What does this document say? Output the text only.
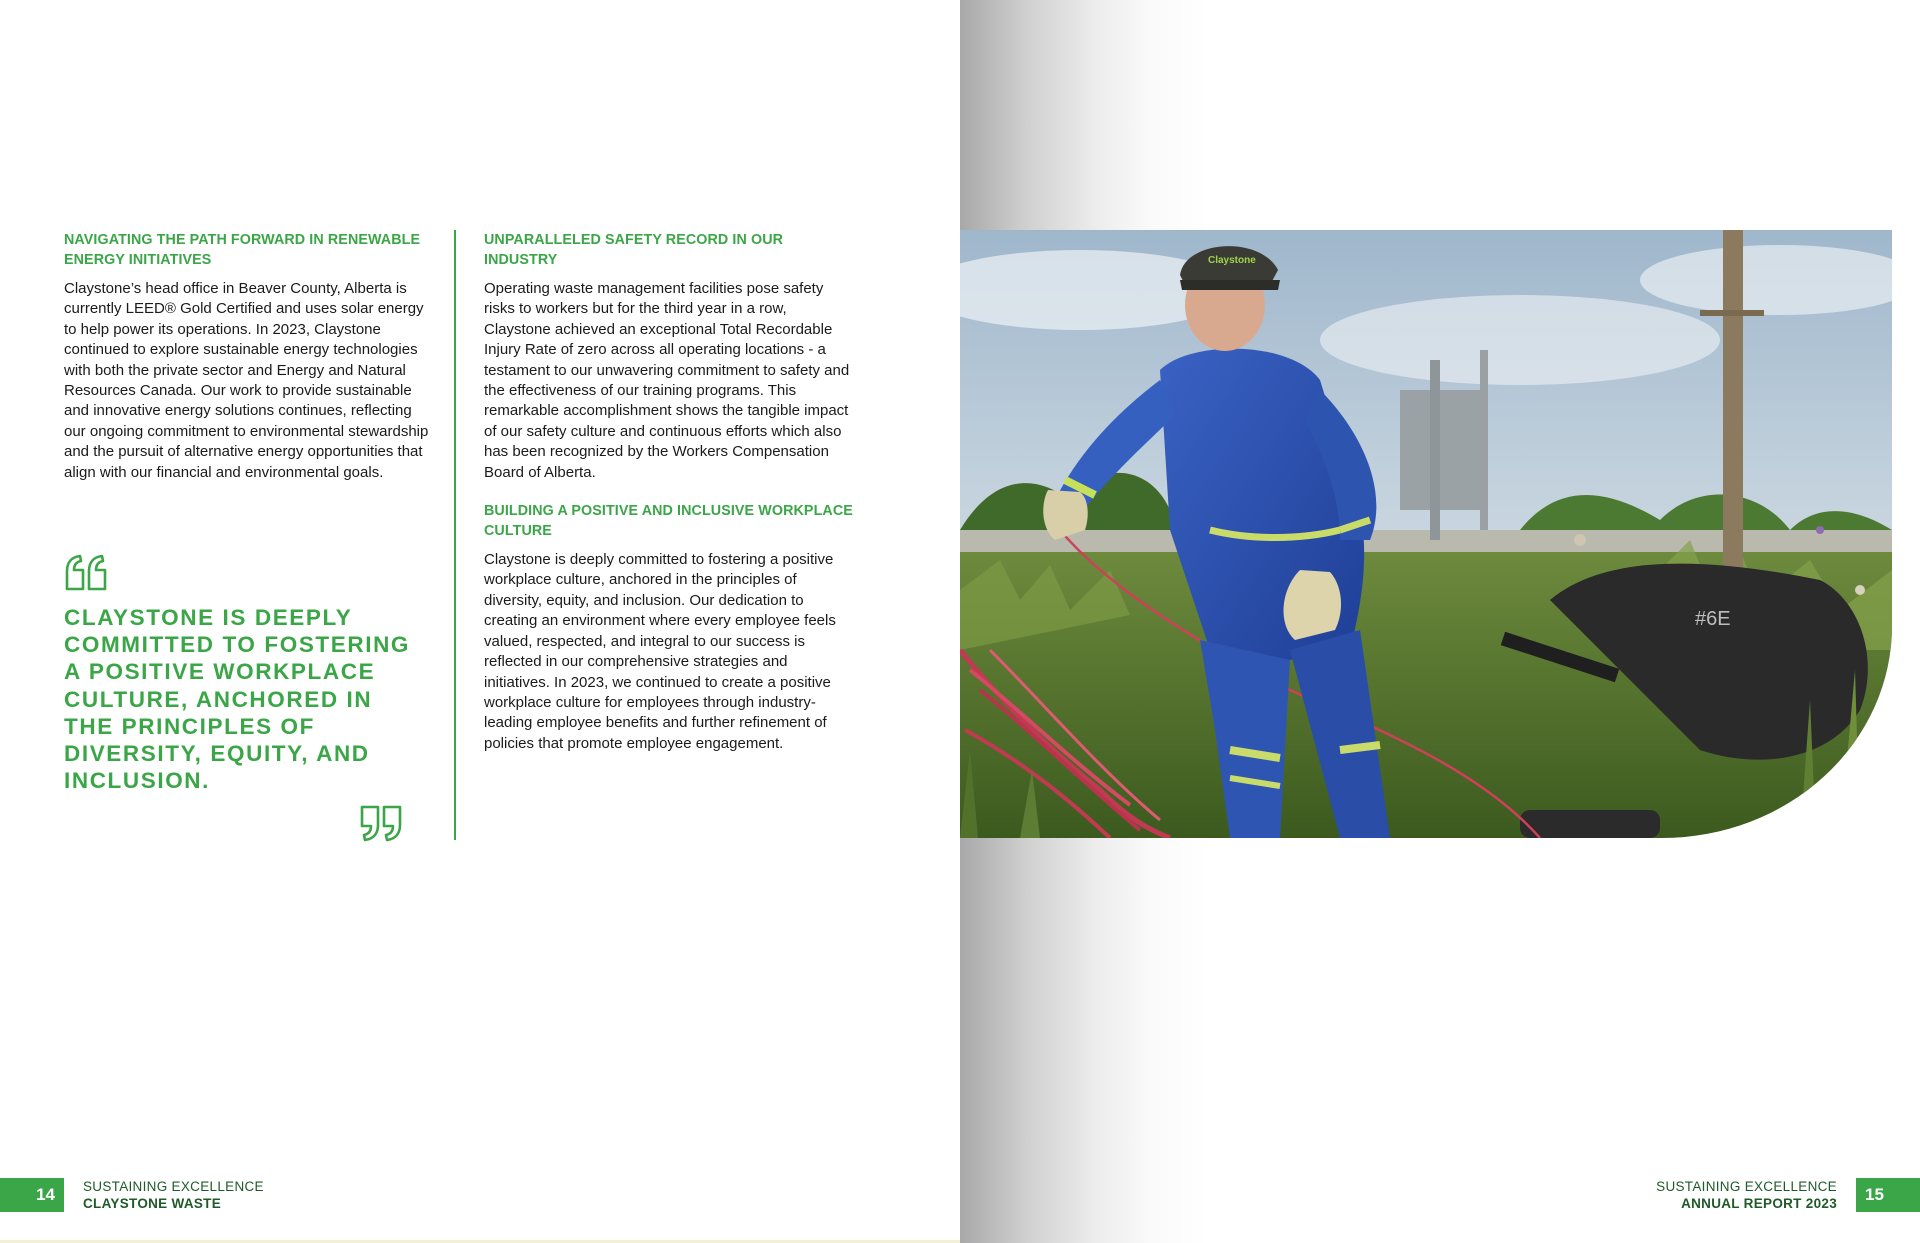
NAVIGATING THE PATH FORWARD IN RENEWABLE ENERGY INITIATIVES

Claystone’s head office in Beaver County, Alberta is currently LEED® Gold Certified and uses solar energy to help power its operations. In 2023, Claystone continued to explore sustainable energy technologies with both the private sector and Energy and Natural Resources Canada. Our work to provide sustainable and innovative energy solutions continues, reflecting our ongoing commitment to environmental stewardship and the pursuit of alternative energy opportunities that align with our financial and environmental goals.

CLAYSTONE IS DEEPLY COMMITTED TO FOSTERING A POSITIVE WORKPLACE CULTURE, ANCHORED IN THE PRINCIPLES OF DIVERSITY, EQUITY, AND INCLUSION.

UNPARALLELED SAFETY RECORD IN OUR INDUSTRY

Operating waste management facilities pose safety risks to workers but for the third year in a row, Claystone achieved an exceptional Total Recordable Injury Rate of zero across all operating locations - a testament to our unwavering commitment to safety and the effectiveness of our training programs. This remarkable accomplishment shows the tangible impact of our safety culture and continuous efforts which also has been recognized by the Workers Compensation Board of Alberta.

BUILDING A POSITIVE AND INCLUSIVE WORKPLACE CULTURE

Claystone is deeply committed to fostering a positive workplace culture, anchored in the principles of diversity, equity, and inclusion. Our dedication to creating an environment where every employee feels valued, respected, and integral to our success is reflected in our comprehensive strategies and initiatives. In 2023, we continued to create a positive workplace culture for employees through industry-leading employee benefits and further refinement of policies that promote employee engagement.

14	SUSTAINING EXCELLENCE
CLAYSTONE WASTE
#6E
Claystone
SUSTAINING EXCELLENCE
ANNUAL REPORT 2023	15
